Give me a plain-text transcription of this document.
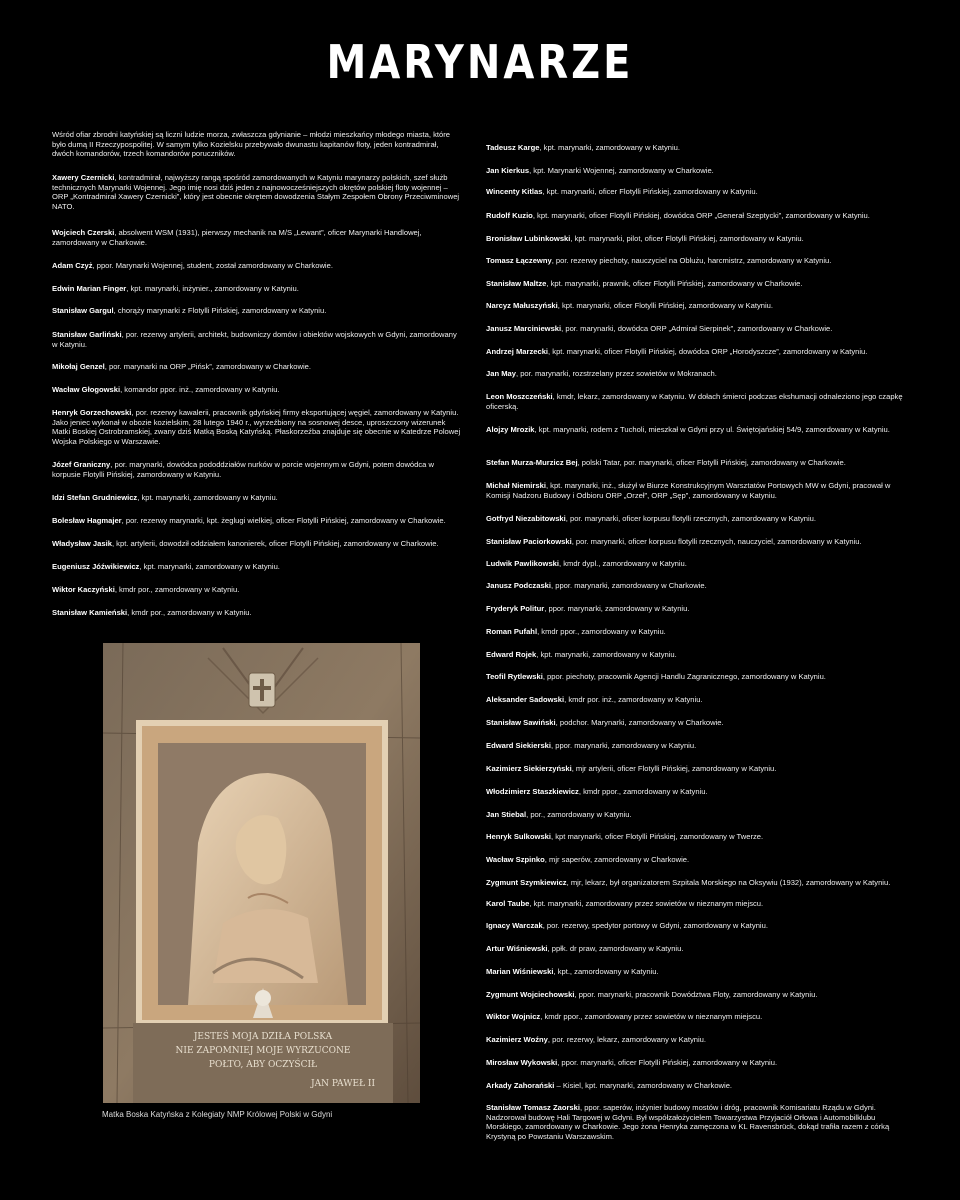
MARYNARZE

Wśród ofiar zbrodni katyńskiej są liczni ludzie morza, zwłaszcza gdynianie – młodzi mieszkańcy młodego miasta, które było dumą II Rzeczypospolitej. W samym tylko Kozielsku przebywało dwunastu kapitanów floty, jeden kontradmirał, dwóch komandorów, trzech komandorów poruczników.

Xawery Czernicki, kontradmirał, najwyższy rangą spośród zamordowanych w Katyniu marynarzy polskich, szef służb technicznych Marynarki Wojennej. Jego imię nosi dziś jeden z najnowocześniejszych okrętów polskiej floty wojennej – ORP „Kontradmirał Xawery Czernicki”, który jest obecnie okrętem dowodzenia Stałym Zespołem Obrony Przeciwminowej NATO.

Wojciech Czerski, absolwent WSM (1931), pierwszy mechanik na M/S „Lewant”, oficer Marynarki Handlowej, zamordowany w Charkowie.

Adam Czyż, ppor. Marynarki Wojennej, student, został zamordowany w Charkowie.

Edwin Marian Finger, kpt. marynarki, inżynier., zamordowany w Katyniu.

Stanisław Gargul, chorąży marynarki z Flotylli Pińskiej, zamordowany w Katyniu.

Stanisław Garliński, por. rezerwy artylerii, architekt, budowniczy domów i obiektów wojskowych w Gdyni, zamordowany w Katyniu.

Mikołaj Genzel, por. marynarki na ORP „Pińsk”, zamordowany w Charkowie.

Wacław Głogowski, komandor ppor. inż., zamordowany w Katyniu.

Henryk Gorzechowski, por. rezerwy kawalerii, pracownik gdyńskiej firmy eksportującej węgiel, zamordowany w Katyniu. Jako jeniec wykonał w obozie kozielskim, 28 lutego 1940 r., wyrzeźbiony na sosnowej desce, uproszczony wizerunek Matki Boskiej Ostrobramskiej, zwany dziś Matką Boską Katyńską. Płaskorzeźba znajduje się obecnie w Katedrze Polowej Wojska Polskiego w Warszawie.

Józef Graniczny, por. marynarki, dowódca pododdziałów nurków w porcie wojennym w Gdyni, potem dowódca w korpusie Flotylli Pińskiej, zamordowany w Katyniu.

Idzi Stefan Grudniewicz, kpt. marynarki, zamordowany w Katyniu.

Bolesław Hagmajer, por. rezerwy marynarki, kpt. żeglugi wielkiej, oficer Flotylli Pińskiej, zamordowany w Charkowie.

Władysław Jasik, kpt. artylerii, dowodził oddziałem kanonierek, oficer Flotylli Pińskiej, zamordowany w Charkowie.

Eugeniusz Jóźwikiewicz, kpt. marynarki, zamordowany w Katyniu.

Wiktor Kaczyński, kmdr por., zamordowany w Katyniu.

Stanisław Kamieński, kmdr por., zamordowany w Katyniu.

Tadeusz Karge, kpt. marynarki, zamordowany w Katyniu.

Jan Kierkus, kpt. Marynarki Wojennej, zamordowany w Charkowie.

Wincenty Kitlas, kpt. marynarki, oficer Flotylli Pińskiej, zamordowany w Katyniu.

Rudolf Kuzio, kpt. marynarki, oficer Flotylli Pińskiej, dowódca ORP „Generał Szeptycki”, zamordowany w Katyniu.

Bronisław Lubinkowski, kpt. marynarki, pilot, oficer Flotylli Pińskiej, zamordowany w Katyniu.

Tomasz Łączewny, por. rezerwy piechoty, nauczyciel na Oblużu, harcmistrz, zamordowany w Katyniu.

Stanisław Maltze, kpt. marynarki, prawnik, oficer Flotylli Pińskiej, zamordowany w Charkowie.

Narcyz Małuszyński, kpt. marynarki, oficer Flotylli Pińskiej, zamordowany w Katyniu.

Janusz Marciniewski, por. marynarki, dowódca ORP „Admirał Sierpinek”, zamordowany w Charkowie.

Andrzej Marzecki, kpt. marynarki, oficer Flotylli Pińskiej, dowódca ORP „Horodyszcze”, zamordowany w Katyniu.

Jan May, por. marynarki, rozstrzelany przez sowietów w Mokranach.

Leon Moszczeński, kmdr, lekarz, zamordowany w Katyniu. W dołach śmierci podczas ekshumacji odnaleziono jego czapkę oficerską.

Alojzy Mrozik, kpt. marynarki, rodem z Tucholi, mieszkał w Gdyni przy ul. Świętojańskiej 54/9, zamordowany w Katyniu.

Stefan Murza-Murzicz Bej, polski Tatar, por. marynarki, oficer Flotylli Pińskiej, zamordowany w Charkowie.

Michał Niemirski, kpt. marynarki, inż., służył w Biurze Konstrukcyjnym Warsztatów Portowych MW w Gdyni, pracował w Komisji Nadzoru Budowy i Odbioru ORP „Orzeł”, ORP „Sęp”, zamordowany w Katyniu.

Gotfryd Niezabitowski, por. marynarki, oficer korpusu flotylli rzecznych, zamordowany w Katyniu.

Stanisław Paciorkowski, por. marynarki, oficer korpusu flotylli rzecznych, nauczyciel, zamordowany w Katyniu.

Ludwik Pawlikowski, kmdr dypl., zamordowany w Katyniu.

Janusz Podczaski, ppor. marynarki, zamordowany w Charkowie.

Fryderyk Politur, ppor. marynarki, zamordowany w Katyniu.

Roman Pufahl, kmdr ppor., zamordowany w Katyniu.

Edward Rojek, kpt. marynarki, zamordowany w Katyniu.

Teofil Rytlewski, ppor. piechoty, pracownik Agencji Handlu Zagranicznego, zamordowany w Katyniu.

Aleksander Sadowski, kmdr por. inż., zamordowany w Katyniu.

Stanisław Sawiński, podchor. Marynarki, zamordowany w Charkowie.

Edward Siekierski, ppor. marynarki, zamordowany w Katyniu.

Kazimierz Siekierzyński, mjr artylerii, oficer Flotylli Pińskiej, zamordowany w Katyniu.

Włodzimierz Staszkiewicz, kmdr ppor., zamordowany w Katyniu.

Jan Stiebal, por., zamordowany w Katyniu.

Henryk Sulkowski, kpt marynarki, oficer Flotylli Pińskiej, zamordowany w Twerze.

Wacław Szpinko, mjr saperów, zamordowany w Charkowie.

Zygmunt Szymkiewicz, mjr, lekarz, był organizatorem Szpitala Morskiego na Oksywiu (1932), zamordowany w Katyniu.

Karol Taube, kpt. marynarki, zamordowany przez sowietów w nieznanym miejscu.

Ignacy Warczak, por. rezerwy, spedytor portowy w Gdyni, zamordowany w Katyniu.

Artur Wiśniewski, ppłk. dr praw, zamordowany w Katyniu.

Marian Wiśniewski, kpt., zamordowany w Katyniu.

Zygmunt Wojciechowski, ppor. marynarki, pracownik Dowództwa Floty, zamordowany w Katyniu.

Wiktor Wojnicz, kmdr ppor., zamordowany przez sowietów w nieznanym miejscu.

Kazimierz Woźny, por. rezerwy, lekarz, zamordowany w Katyniu.

Mirosław Wykowski, ppor. marynarki, oficer Flotylli Pińskiej, zamordowany w Katyniu.

Arkady Zahorański – Kisiel, kpt. marynarki, zamordowany w Charkowie.

Stanisław Tomasz Zaorski, ppor. saperów, inżynier budowy mostów i dróg, pracownik Komisariatu Rządu w Gdyni. Nadzorował budowę Hali Targowej w Gdyni. Był współzałożycielem Towarzystwa Przyjaciół Orłowa i Automobilklubu Morskiego, zamordowany w Charkowie. Jego żona Henryka zamęczona w KL Ravensbrück, dokąd trafiła razem z córką Krystyną po Powstaniu Warszawskim.

JESTEŚ MOJA DZIŁA POLSKA
NIE ZAPOMNIEJ MOJE WYRZUCONE
POŁTO, ABY OCZYŚCIŁ
JAN PAWEŁ II
Matka Boska Katyńska z Kolegiaty NMP Królowej Polski w Gdyni
